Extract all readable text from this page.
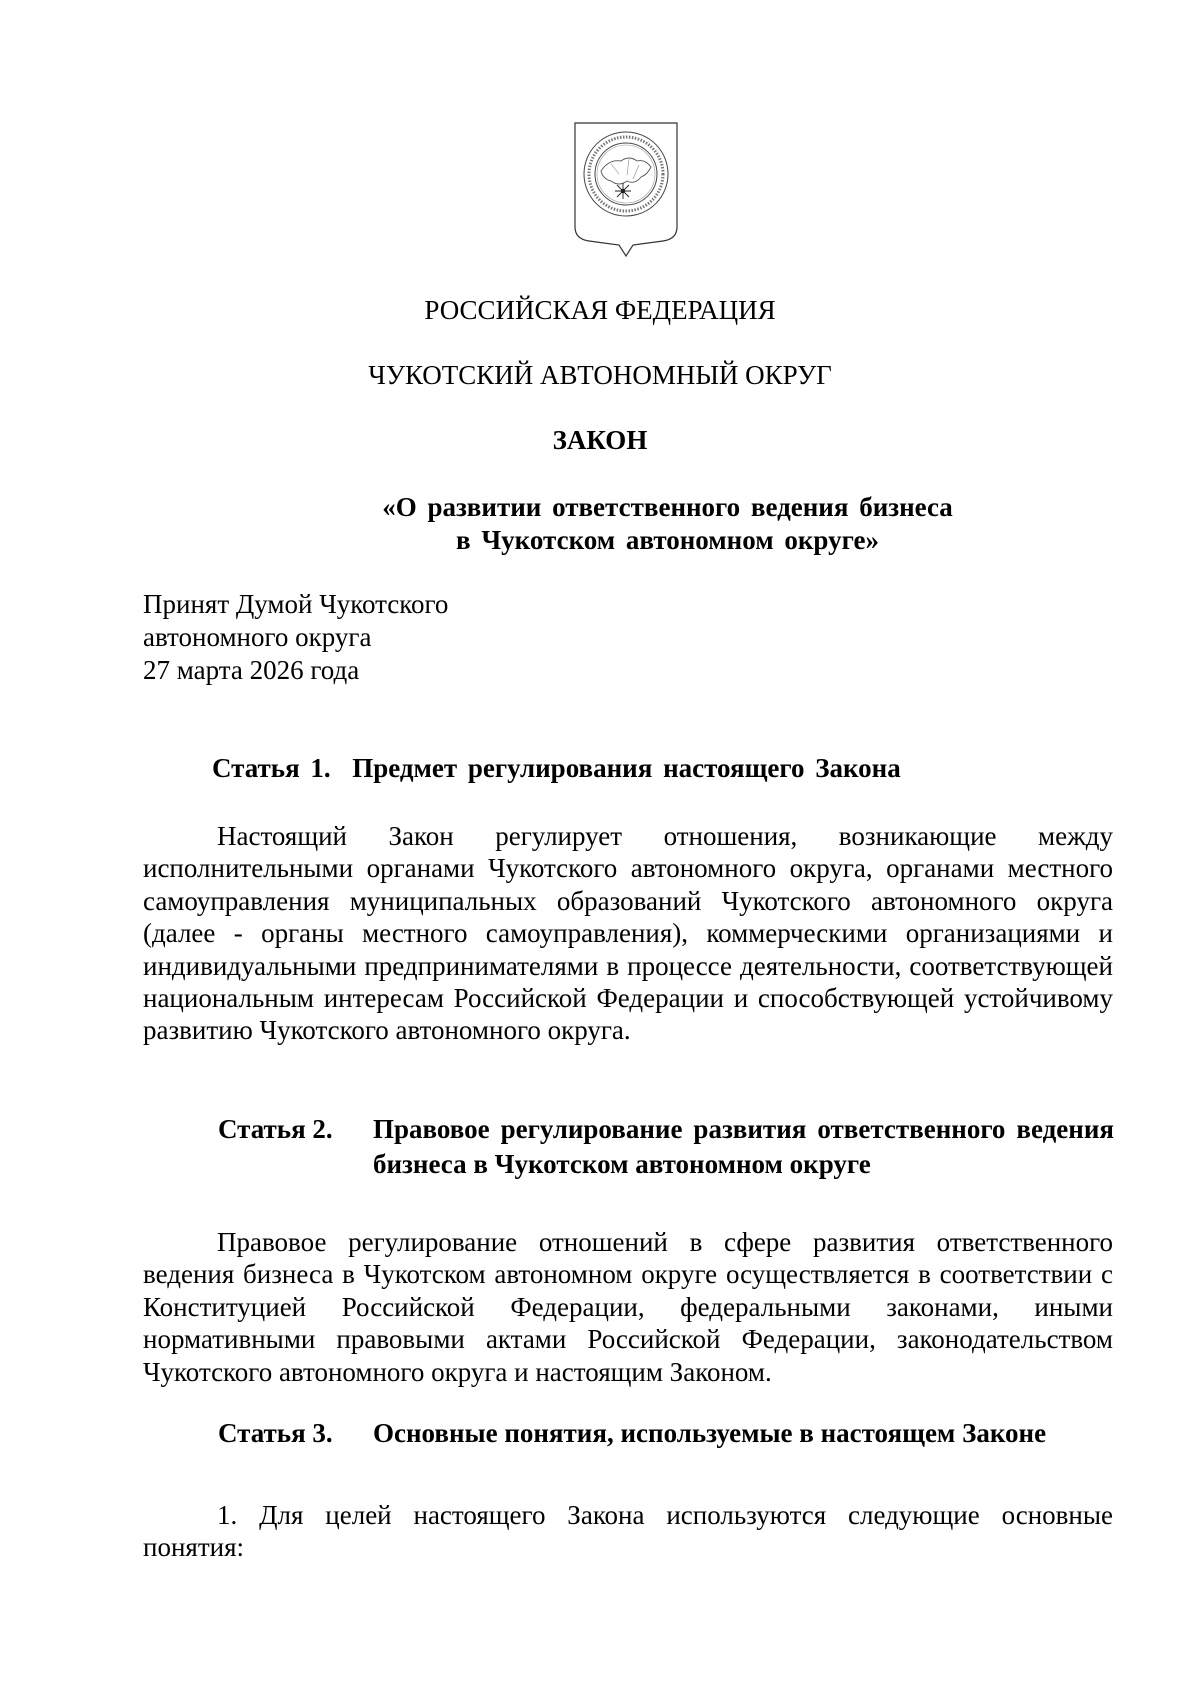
РОССИЙСКАЯ ФЕДЕРАЦИЯ
ЧУКОТСКИЙ АВТОНОМНЫЙ ОКРУГ
ЗАКОН
«О развитии ответственного ведения бизнеса
в Чукотском автономном округе»
Принят Думой Чукотского
автономного округа
27 марта 2026 года
Статья 1. Предмет регулирования настоящего Закона
Настоящий Закон регулирует отношения, возникающие между исполнительными органами Чукотского автономного округа, органами местного самоуправления муниципальных образований Чукотского автономного округа (далее - органы местного самоуправления), коммерческими организациями и индивидуальными предпринимателями в процессе деятельности, соответствующей национальным интересам Российской Федерации и способствующей устойчивому развитию Чукотского автономного округа.
Статья 2. Правовое регулирование развития ответственного ведения бизнеса в Чукотском автономном округе
Правовое регулирование отношений в сфере развития ответственного ведения бизнеса в Чукотском автономном округе осуществляется в соответствии с Конституцией Российской Федерации, федеральными законами, иными нормативными правовыми актами Российской Федерации, законодательством Чукотского автономного округа и настоящим Законом.
Статья 3. Основные понятия, используемые в настоящем Законе
1. Для целей настоящего Закона используются следующие основные понятия:
